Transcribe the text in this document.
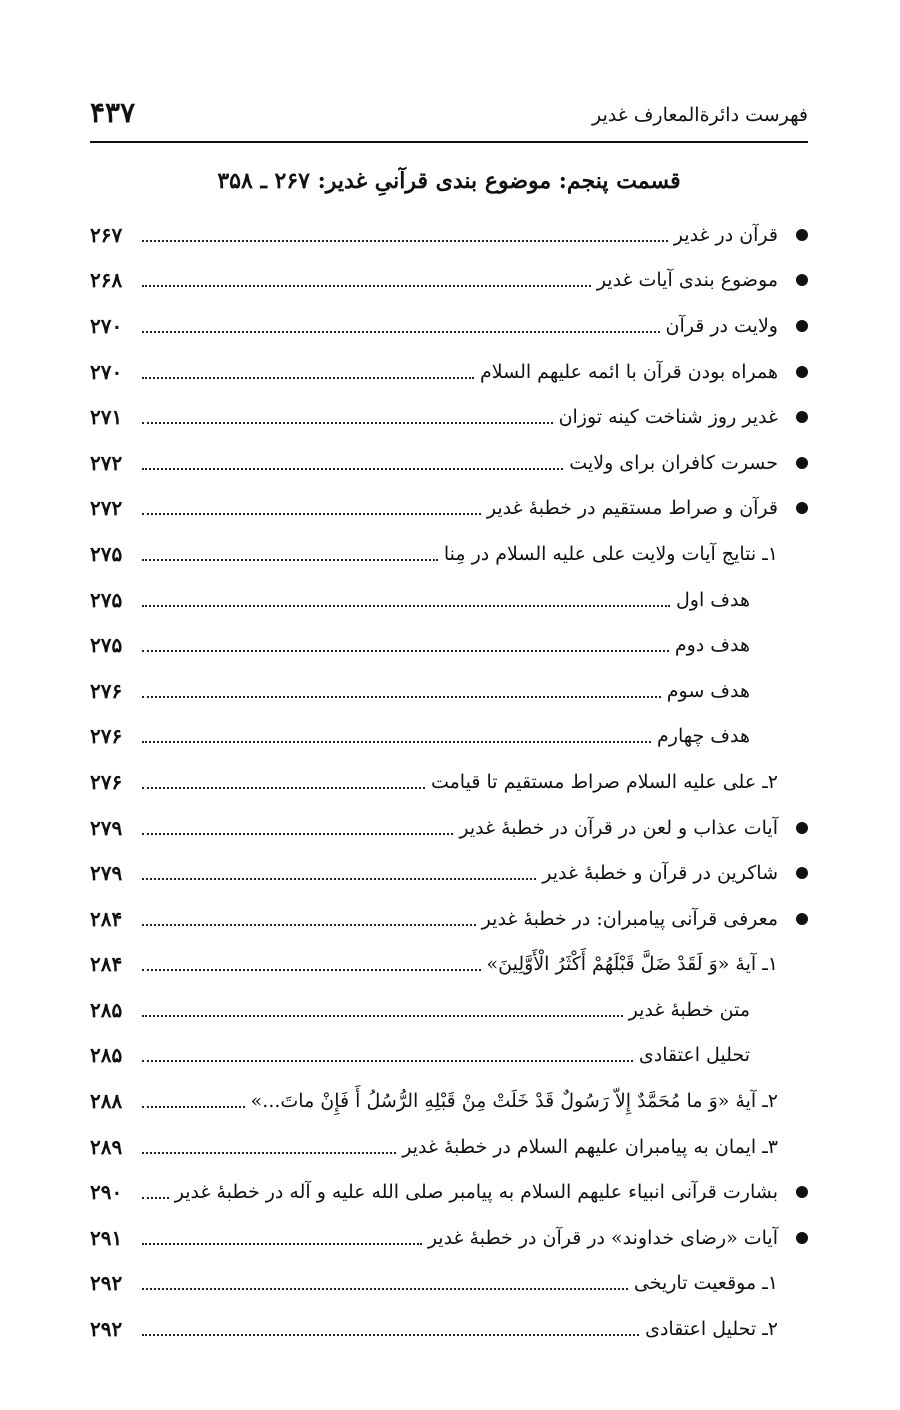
فهرست دائرةالمعارف غدیر
۴۳۷
قسمت پنجم: موضوع بندی قرآنیِ غدیر: ۲۶۷ ـ ۳۵۸
قرآن در غدیر
۲۶۷
موضوع بندی آیات غدیر
۲۶۸
ولایت در قرآن
۲۷۰
همراه بودن قرآن با ائمه علیهم السلام
۲۷۰
غدیر روز شناخت کینه توزان
۲۷۱
حسرت کافران برای ولایت
۲۷۲
قرآن و صراط مستقیم در خطبهٔ غدیر
۲۷۲
۱ـ نتایج آیات ولایت علی علیه السلام در مِنا
۲۷۵
هدف اول
۲۷۵
هدف دوم
۲۷۵
هدف سوم
۲۷۶
هدف چهارم
۲۷۶
۲ـ علی علیه السلام صراط مستقیم تا قیامت
۲۷۶
آیات عذاب و لعن در قرآن در خطبهٔ غدیر
۲۷۹
شاکرین در قرآن و خطبهٔ غدیر
۲۷۹
معرفی قرآنی پیامبران: در خطبهٔ غدیر
۲۸۴
۱ـ آیهٔ «وَ لَقَدْ ضَلَّ قَبْلَهُمْ أَکْثَرُ الْأَوَّلِینَ»
۲۸۴
متن خطبهٔ غدیر
۲۸۵
تحلیل اعتقادی
۲۸۵
۲ـ آیهٔ «وَ ما مُحَمَّدٌ إِلاّ رَسُولٌ قَدْ خَلَتْ مِنْ قَبْلِهِ الرُّسُلُ أَ فَإِنْ ماتَ...»
۲۸۸
۳ـ ایمان به پیامبران علیهم السلام در خطبهٔ غدیر
۲۸۹
بشارت قرآنی انبیاء علیهم السلام به پیامبر صلی الله علیه و آله در خطبهٔ غدیر
۲۹۰
آیات «رضای خداوند» در قرآن در خطبهٔ غدیر
۲۹۱
۱ـ موقعیت تاریخی
۲۹۲
۲ـ تحلیل اعتقادی
۲۹۲
